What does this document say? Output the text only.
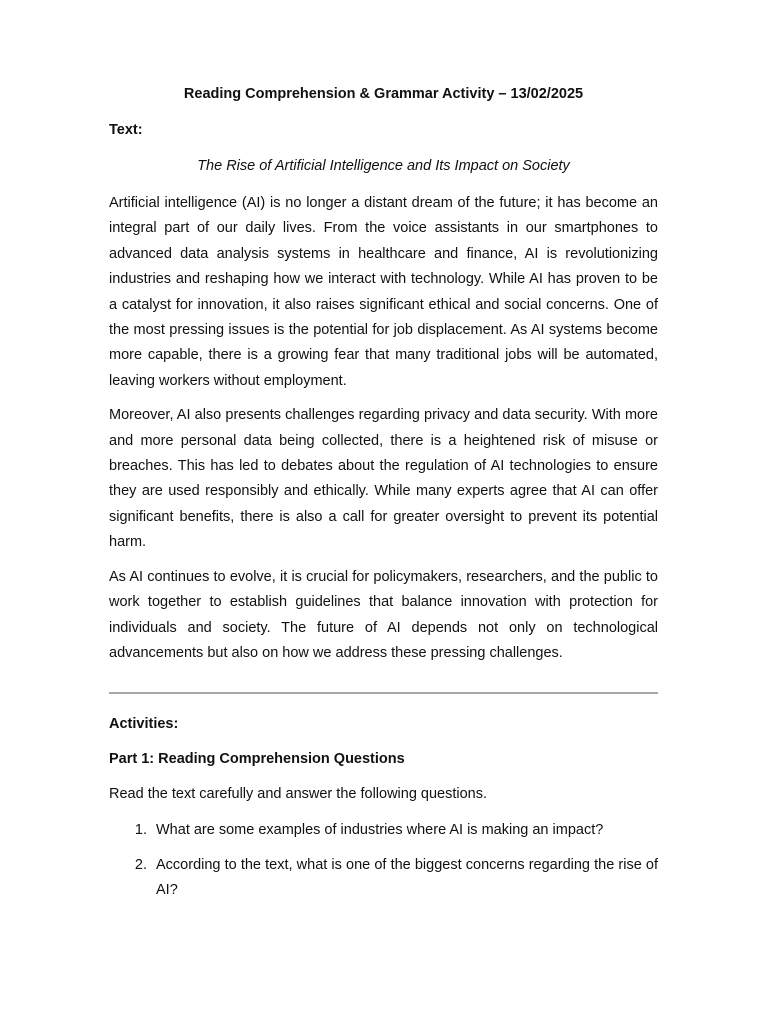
Reading Comprehension & Grammar Activity – 13/02/2025
Text:
The Rise of Artificial Intelligence and Its Impact on Society

Artificial intelligence (AI) is no longer a distant dream of the future; it has become an integral part of our daily lives. From the voice assistants in our smartphones to advanced data analysis systems in healthcare and finance, AI is revolutionizing industries and reshaping how we interact with technology. While AI has proven to be a catalyst for innovation, it also raises significant ethical and social concerns. One of the most pressing issues is the potential for job displacement. As AI systems become more capable, there is a growing fear that many traditional jobs will be automated, leaving workers without employment.

Moreover, AI also presents challenges regarding privacy and data security. With more and more personal data being collected, there is a heightened risk of misuse or breaches. This has led to debates about the regulation of AI technologies to ensure they are used responsibly and ethically. While many experts agree that AI can offer significant benefits, there is also a call for greater oversight to prevent its potential harm.

As AI continues to evolve, it is crucial for policymakers, researchers, and the public to work together to establish guidelines that balance innovation with protection for individuals and society. The future of AI depends not only on technological advancements but also on how we address these pressing challenges.

Activities:
Part 1: Reading Comprehension Questions
Read the text carefully and answer the following questions.
1. What are some examples of industries where AI is making an impact?
2. According to the text, what is one of the biggest concerns regarding the rise of AI?
